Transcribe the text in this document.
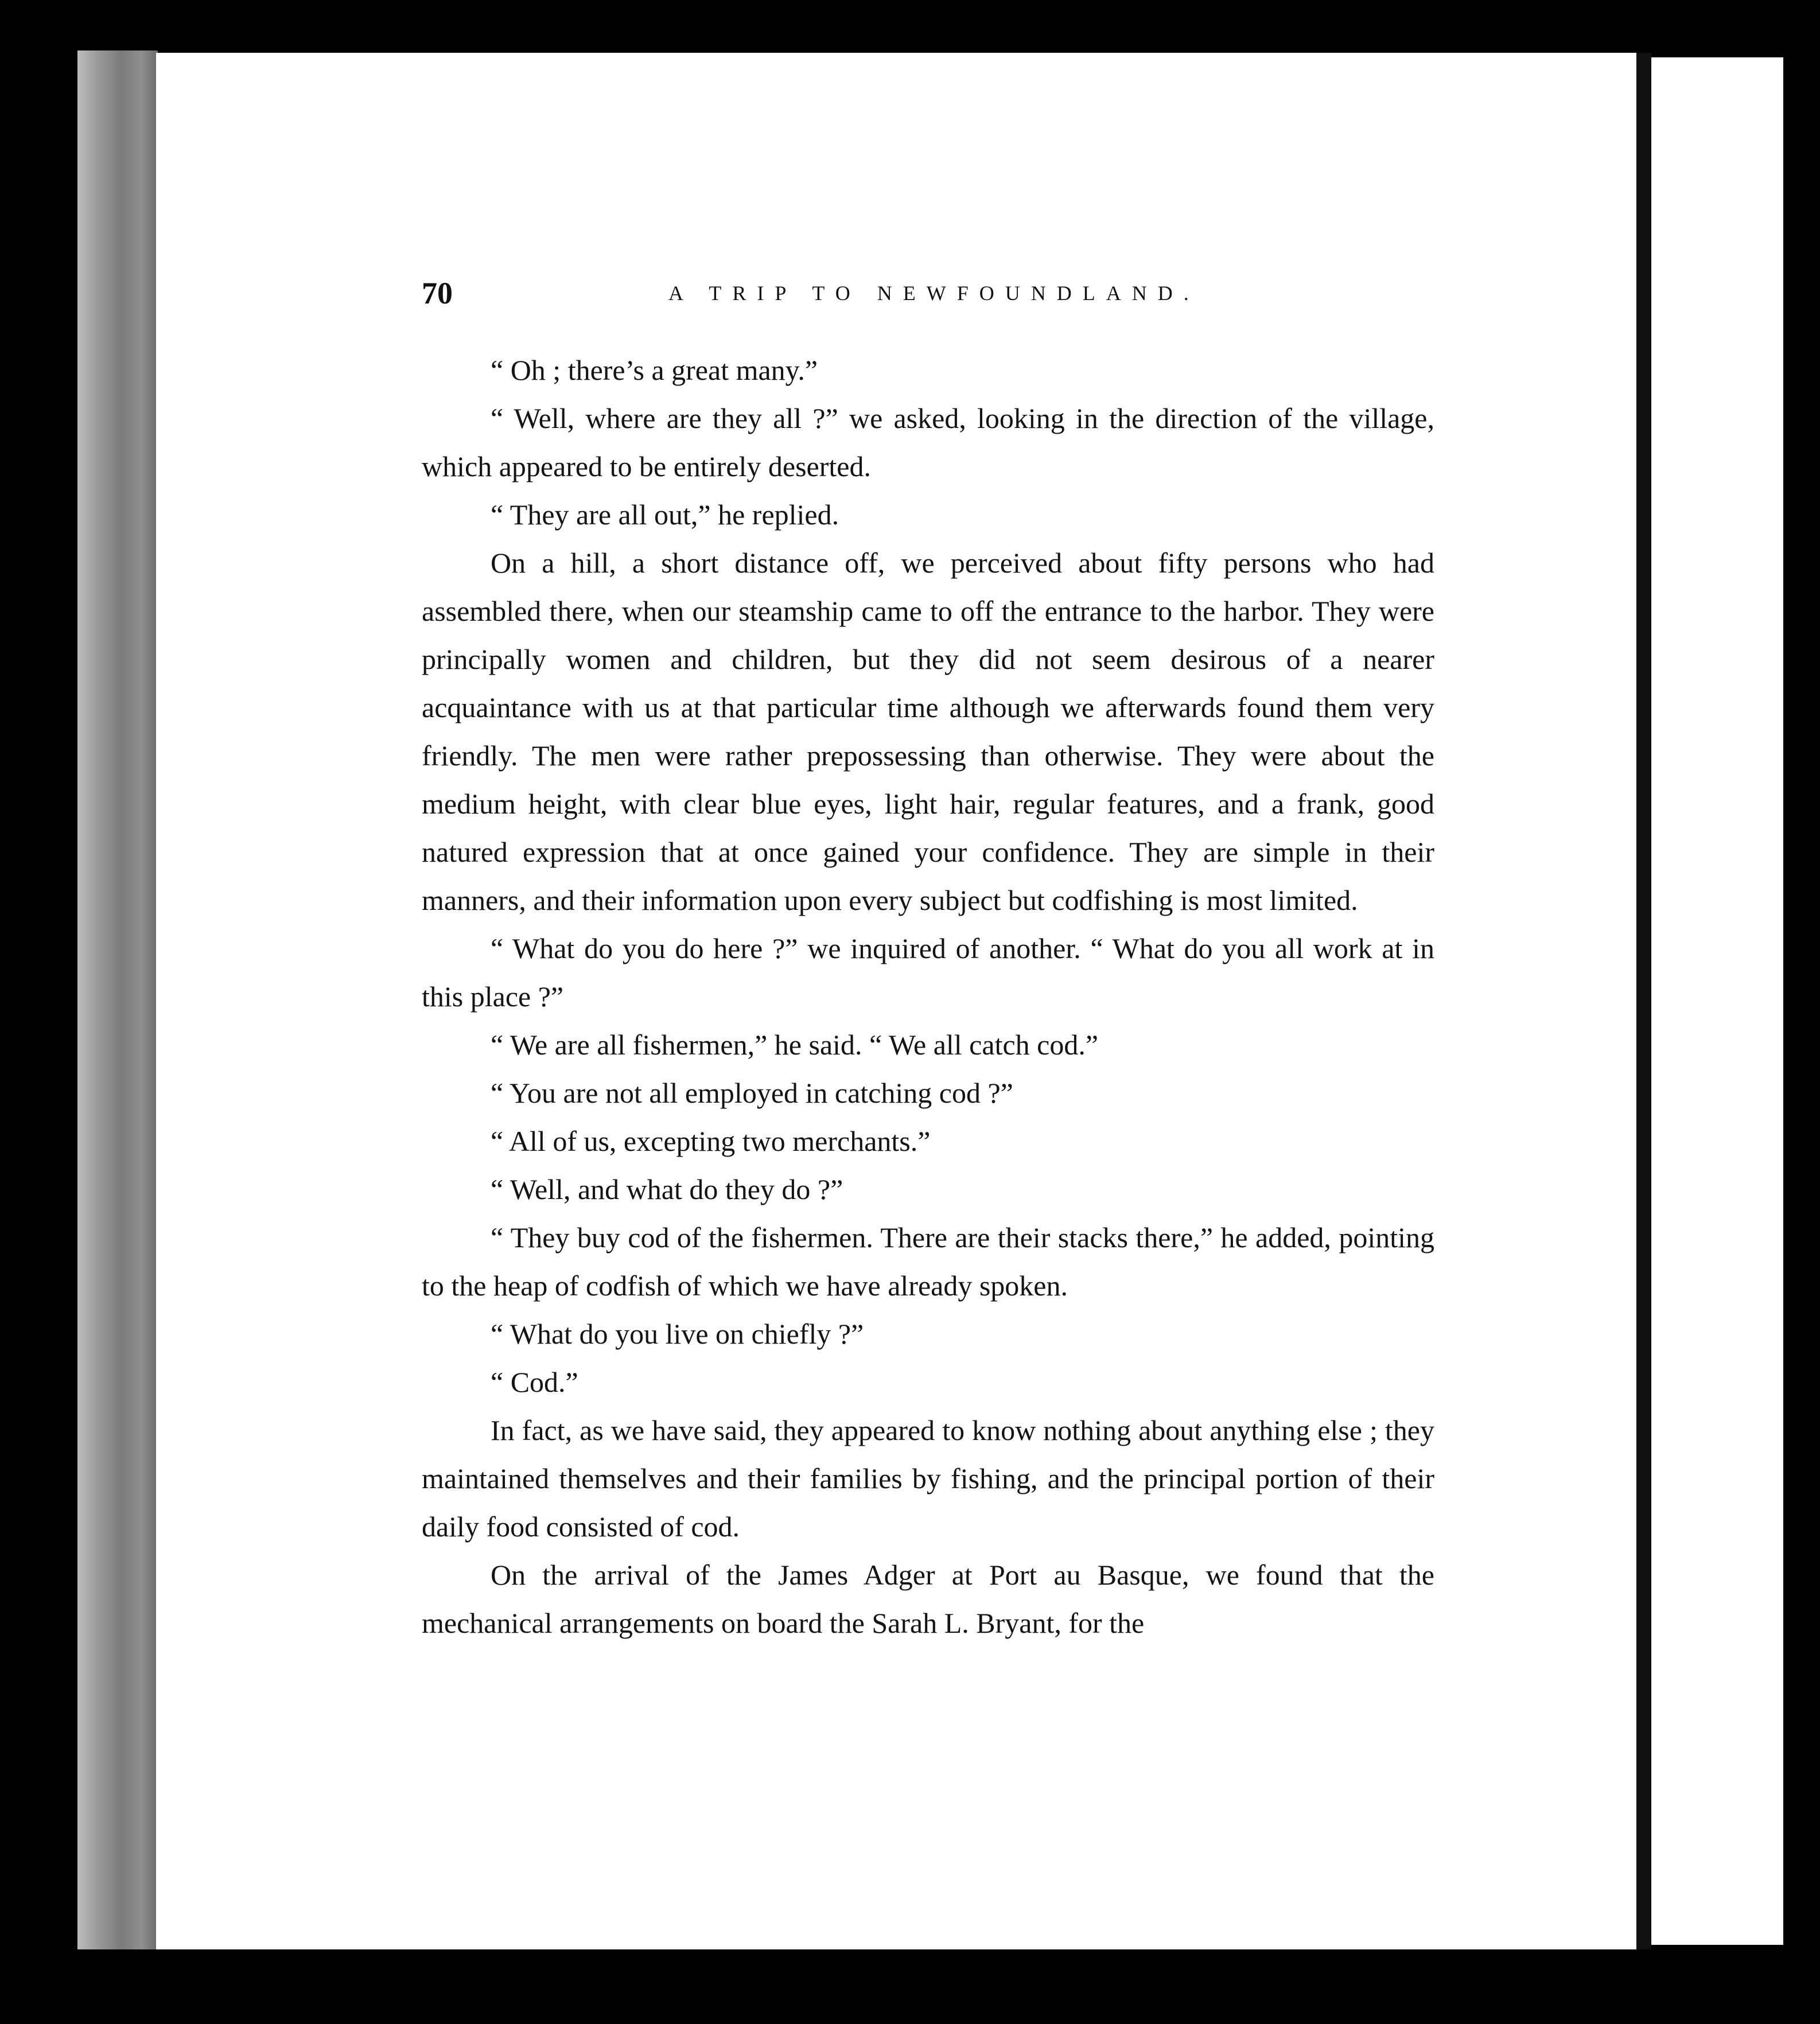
70	A TRIP TO NEWFOUNDLAND.

“ Oh ; there’s a great many.”

“ Well, where are they all ?” we asked, looking in the direction of the village, which appeared to be entirely deserted.

“ They are all out,” he replied.

On a hill, a short distance off, we perceived about fifty persons who had assembled there, when our steamship came to off the entrance to the harbor. They were principally women and children, but they did not seem desirous of a nearer acquaintance with us at that particular time although we afterwards found them very friendly. The men were rather prepossessing than otherwise. They were about the medium height, with clear blue eyes, light hair, regular features, and a frank, good natured expression that at once gained your confidence. They are simple in their manners, and their information upon every subject but codfishing is most limited.

“ What do you do here ?” we inquired of another. “ What do you all work at in this place ?”

“ We are all fishermen,” he said. “ We all catch cod.”

“ You are not all employed in catching cod ?”

“ All of us, excepting two merchants.”

“ Well, and what do they do ?”

“ They buy cod of the fishermen. There are their stacks there,” he added, pointing to the heap of codfish of which we have already spoken.

“ What do you live on chiefly ?”

“ Cod.”

In fact, as we have said, they appeared to know nothing about anything else ; they maintained themselves and their families by fishing, and the principal portion of their daily food consisted of cod.

On the arrival of the James Adger at Port au Basque, we found that the mechanical arrangements on board the Sarah L. Bryant, for the
